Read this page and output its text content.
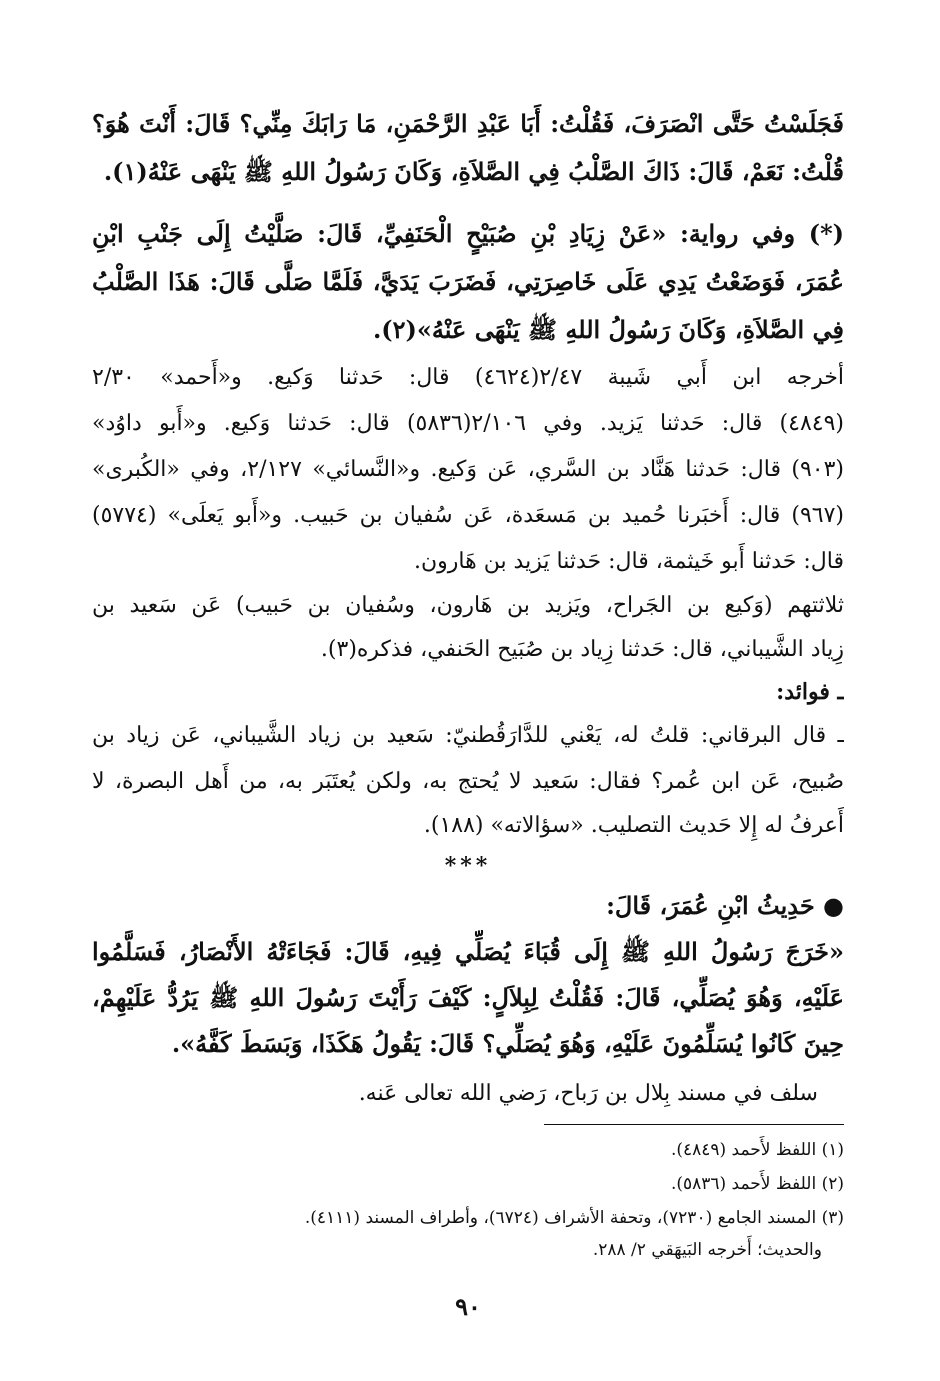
فَجَلَسْتُ حَتَّى انْصَرَفَ، فَقُلْتُ: أَبَا عَبْدِ الرَّحْمَنِ، مَا رَابَكَ مِنِّي؟ قَالَ: أَنْتَ هُوَ؟
قُلْتُ: نَعَمْ، قَالَ: ذَاكَ الصَّلْبُ فِي الصَّلاَةِ، وَكَانَ رَسُولُ اللهِ ﷺ يَنْهَى عَنْهُ(١).
(*) وفي رواية: «عَنْ زِيَادِ بْنِ صُبَيْحٍ الْحَنَفِيِّ، قَالَ: صَلَّيْتُ إِلَى جَنْبِ ابْنِ
عُمَرَ، فَوَضَعْتُ يَدِي عَلَى خَاصِرَتِي، فَضَرَبَ يَدَيَّ، فَلَمَّا صَلَّى قَالَ: هَذَا الصَّلْبُ
فِي الصَّلاَةِ، وَكَانَ رَسُولُ اللهِ ﷺ يَنْهَى عَنْهُ»(٢).
أخرجه ابن أَبي شَيبة ٢/٤٧(٤٦٢٤) قال: حَدثنا وَكيع. و«أَحمد» ٢/٣٠
(٤٨٤٩) قال: حَدثنا يَزيد. وفي ٢/١٠٦(٥٨٣٦) قال: حَدثنا وَكيع. و«أَبو داوُد»
(٩٠٣) قال: حَدثنا هَنَّاد بن السَّري، عَن وَكيع. و«النَّسائي» ٢/١٢٧، وفي «الكُبرى»
(٩٦٧) قال: أَخبَرنا حُميد بن مَسعَدة، عَن سُفيان بن حَبيب. و«أَبو يَعلَى» (٥٧٧٤)
قال: حَدثنا أَبو خَيثمة، قال: حَدثنا يَزيد بن هَارون.
ثلاثتهم (وَكيع بن الجَراح، ويَزيد بن هَارون، وسُفيان بن حَبيب) عَن سَعيد بن
زِياد الشَّيباني، قال: حَدثنا زِياد بن صُبَيح الحَنفي، فذكره(٣).
ـ فوائد:
ـ قال البرقاني: قلتُ له، يَعْني للدَّارَقُطنيّ: سَعيد بن زياد الشَّيباني، عَن زياد بن
صُبيح، عَن ابن عُمر؟ فقال: سَعيد لا يُحتج به، ولكن يُعتَبَر به، من أَهل البصرة، لا
أَعرفُ له إِلا حَديث التصليب. «سؤالاته» (١٨٨).
***
● حَدِيثُ ابْنِ عُمَرَ، قَالَ:
«خَرَجَ رَسُولُ اللهِ ﷺ إِلَى قُبَاءَ يُصَلِّي فِيهِ، قَالَ: فَجَاءَتْهُ الأَنْصَارُ، فَسَلَّمُوا
عَلَيْهِ، وَهُوَ يُصَلِّي، قَالَ: فَقُلْتُ لِبِلاَلٍ: كَيْفَ رَأَيْتَ رَسُولَ اللهِ ﷺ يَرُدُّ عَلَيْهِمْ،
حِينَ كَانُوا يُسَلِّمُونَ عَلَيْهِ، وَهُوَ يُصَلِّي؟ قَالَ: يَقُولُ هَكَذَا، وَبَسَطَ كَفَّهُ».
سلف في مسند بِلال بن رَباح، رَضي الله تعالى عَنه.
(١) اللفظ لأَحمد (٤٨٤٩).
(٢) اللفظ لأَحمد (٥٨٣٦).
(٣) المسند الجامع (٧٢٣٠)، وتحفة الأشراف (٦٧٢٤)، وأطراف المسند (٤١١١).
والحديث؛ أَخرجه البَيهَقي ٢/ ٢٨٨.
٩٠
